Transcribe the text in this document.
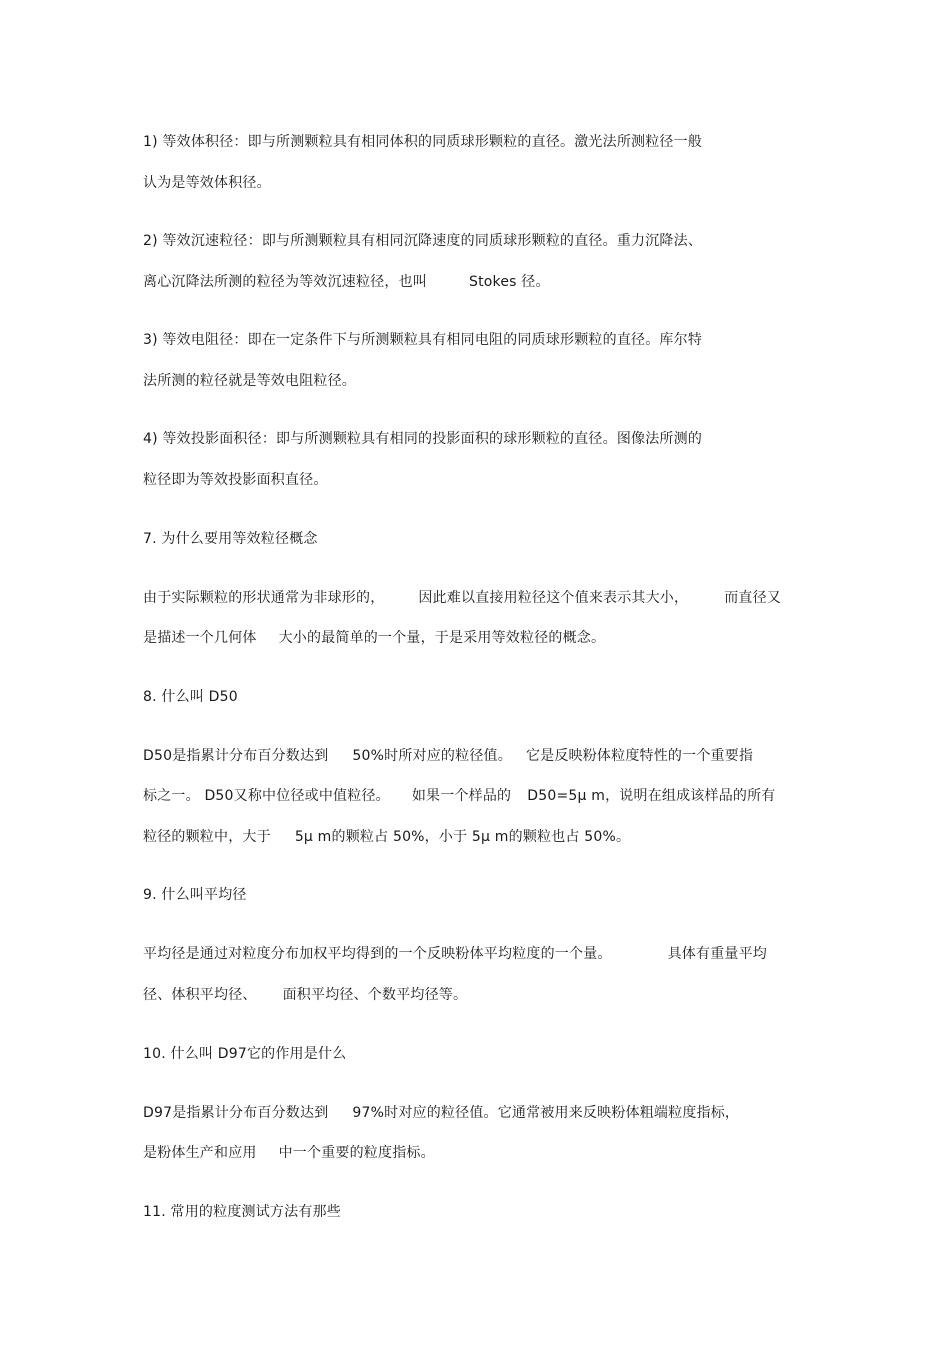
1) 等效体积径：即与所测颗粒具有相同体积的同质球形颗粒的直径。激光法所测粒径一般
认为是等效体积径。
2) 等效沉速粒径：即与所测颗粒具有相同沉降速度的同质球形颗粒的直径。重力沉降法、
离心沉降法所测的粒径为等效沉速粒径，也叫	Stokes 径。
3) 等效电阻径：即在一定条件下与所测颗粒具有相同电阻的同质球形颗粒的直径。库尔特
法所测的粒径就是等效电阻粒径。
4) 等效投影面积径：即与所测颗粒具有相同的投影面积的球形颗粒的直径。图像法所测的
粒径即为等效投影面积直径。
7. 为什么要用等效粒径概念
由于实际颗粒的形状通常为非球形的， 因此难以直接用粒径这个值来表示其大小，	而直径又
是描述一个几何体 大小的最简单的一个量，于是采用等效粒径的概念。
8. 什么叫 D50
D50是指累计分布百分数达到 50%时所对应的粒径值。 它是反映粉体粒度特性的一个重要指
标之一。 D50又称中位径或中值粒径。 如果一个样品的 D50=5μ m，说明在组成该样品的所有
粒径的颗粒中，大于 5μ m的颗粒占 50%，小于 5μ m的颗粒也占 50%。
9. 什么叫平均径
平均径是通过对粒度分布加权平均得到的一个反映粉体平均粒度的一个量。	具体有重量平均
径、体积平均径、 面积平均径、个数平均径等。
10. 什么叫 D97它的作用是什么
D97是指累计分布百分数达到 97%时对应的粒径值。它通常被用来反映粉体粗端粒度指标，
是粉体生产和应用 中一个重要的粒度指标。
11. 常用的粒度测试方法有那些
